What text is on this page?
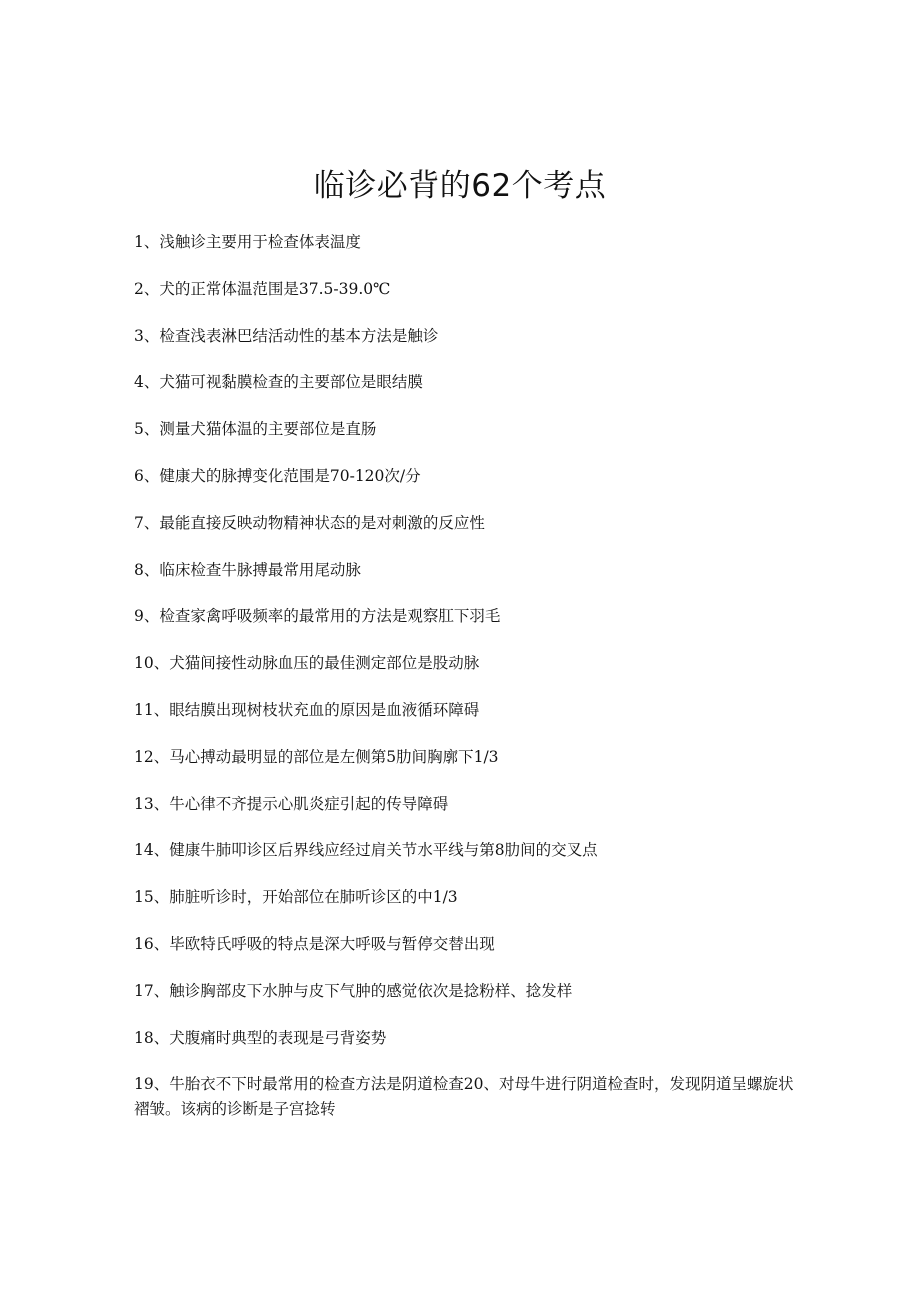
临诊必背的62个考点
1、浅触诊主要用于检查体表温度
2、犬的正常体温范围是37.5-39.0℃
3、检查浅表淋巴结活动性的基本方法是触诊
4、犬猫可视黏膜检查的主要部位是眼结膜
5、测量犬猫体温的主要部位是直肠
6、健康犬的脉搏变化范围是70-120次/分
7、最能直接反映动物精神状态的是对刺激的反应性
8、临床检查牛脉搏最常用尾动脉
9、检查家禽呼吸频率的最常用的方法是观察肛下羽毛
10、犬猫间接性动脉血压的最佳测定部位是股动脉
11、眼结膜出现树枝状充血的原因是血液循环障碍
12、马心搏动最明显的部位是左侧第5肋间胸廓下1/3
13、牛心律不齐提示心肌炎症引起的传导障碍
14、健康牛肺叩诊区后界线应经过肩关节水平线与第8肋间的交叉点
15、肺脏听诊时，开始部位在肺听诊区的中1/3
16、毕欧特氏呼吸的特点是深大呼吸与暂停交替出现
17、触诊胸部皮下水肿与皮下气肿的感觉依次是捻粉样、捻发样
18、犬腹痛时典型的表现是弓背姿势
19、牛胎衣不下时最常用的检查方法是阴道检查20、对母牛进行阴道检查时，发现阴道呈螺旋状褶皱。该病的诊断是子宫捻转
